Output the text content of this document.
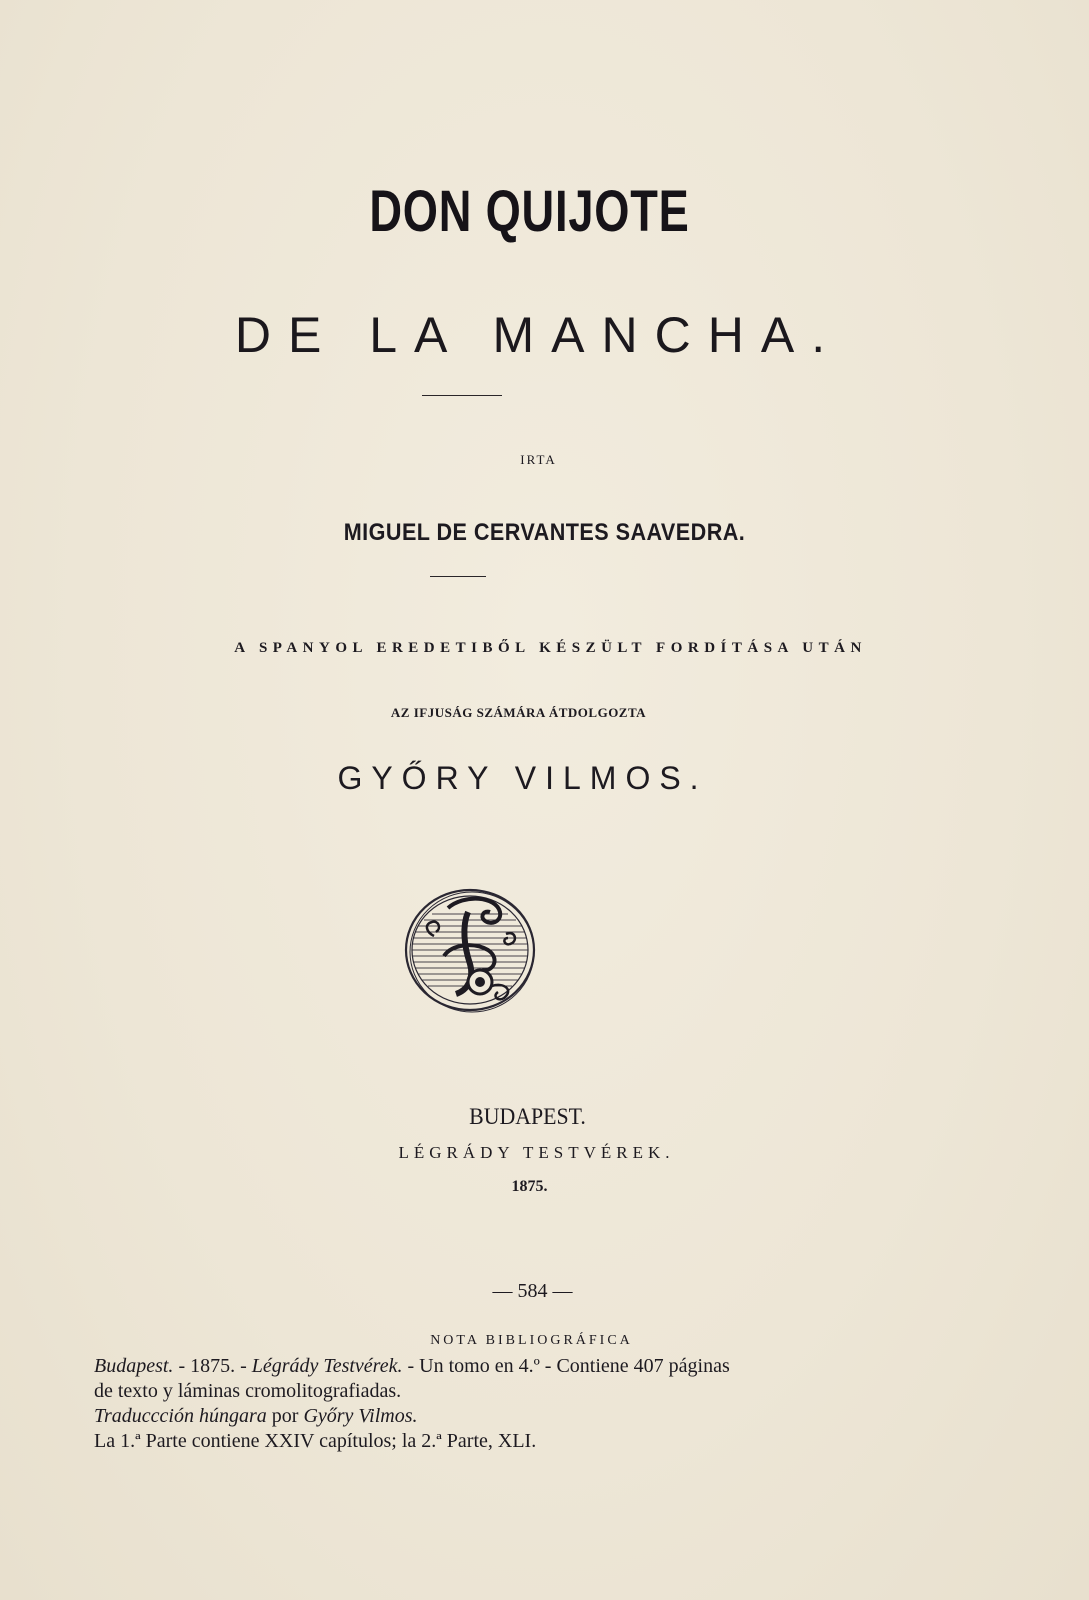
DON QUIJOTE
DE LA MANCHA.
IRTA
MIGUEL DE CERVANTES SAAVEDRA.
A SPANYOL EREDETIBŐL KÉSZÜLT FORDÍTÁSA UTÁN
AZ IFJUSÁG SZÁMÁRA ÁTDOLGOZTA
GYŐRY VILMOS.
BUDAPEST.
LÉGRÁDY TESTVÉREK.
1875.
— 584 —
NOTA BIBLIOGRÁFICA
Budapest. - 1875. - Légrády Testvérek. - Un tomo en 4.º - Contiene 407 páginas
de texto y láminas cromolitografiadas.
Traduccción húngara por Győry Vilmos.
La 1.ª Parte contiene XXIV capítulos; la 2.ª Parte, XLI.
